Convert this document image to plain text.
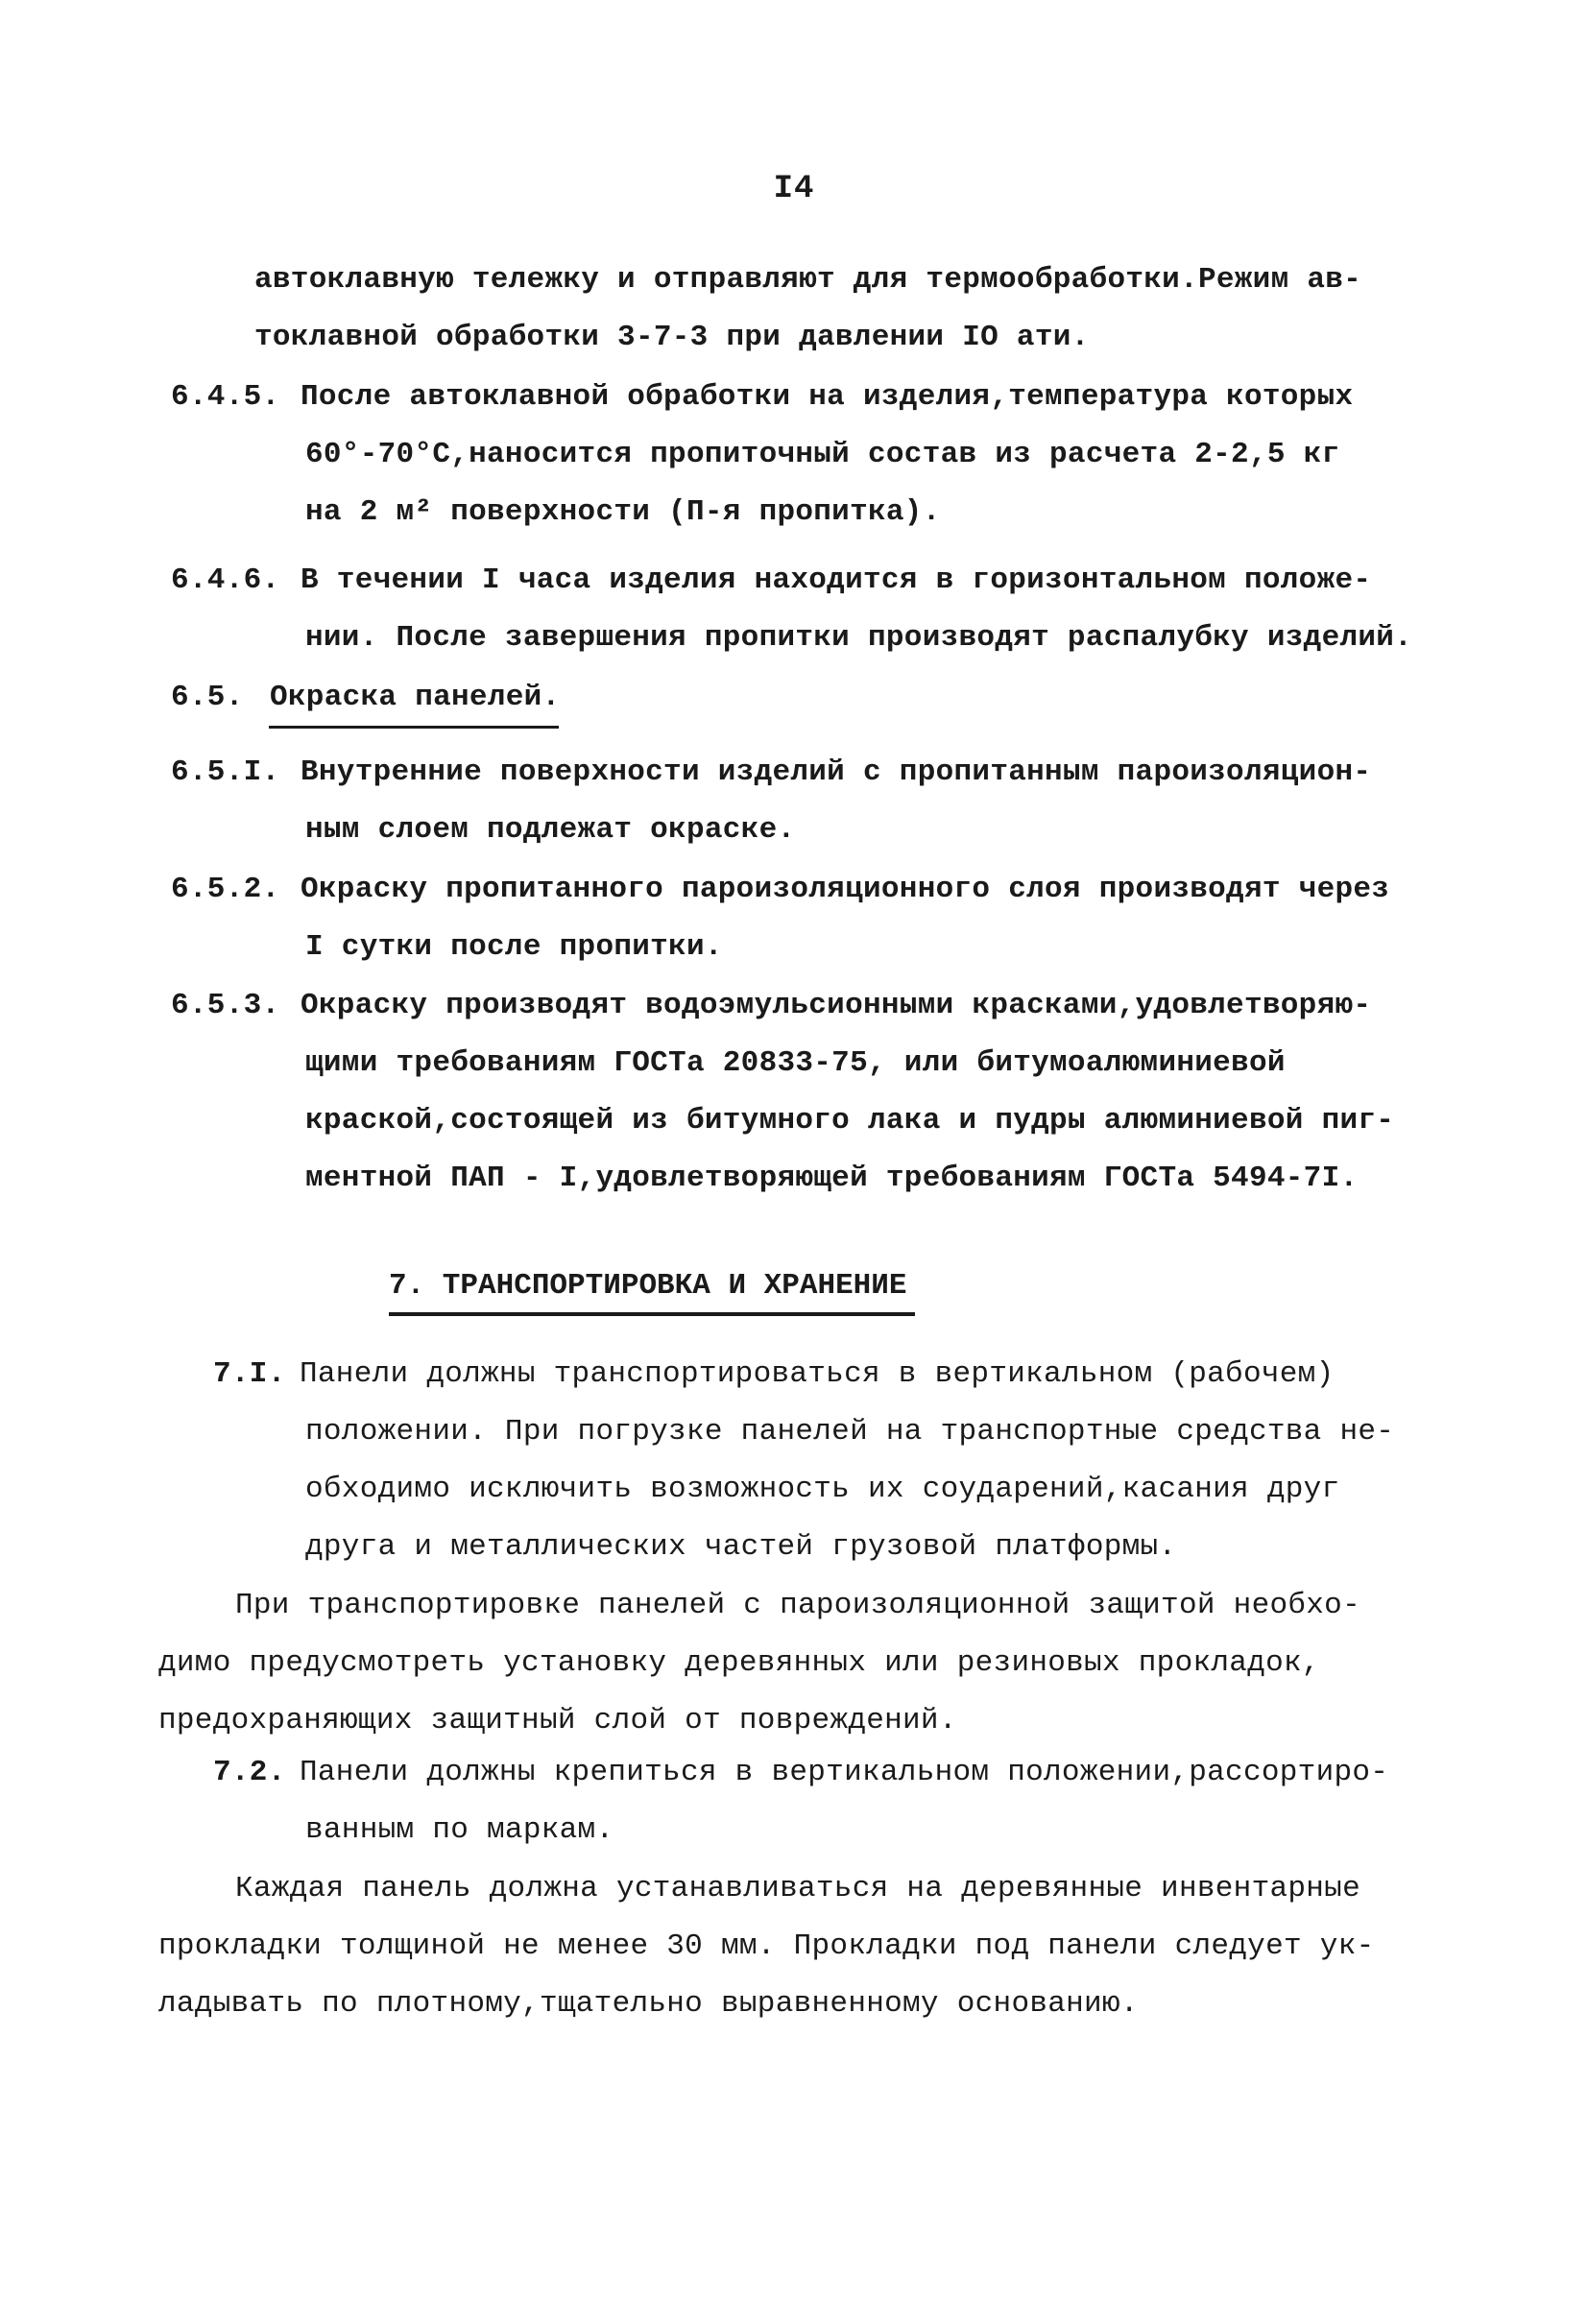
I4
автоклавную тележку и отправляют для термообработки.Режим ав-
токлавной обработки 3-7-3 при давлении IO ати.
6.4.5. После автоклавной обработки на изделия,температура которых
60°-70°С,наносится пропиточный состав из расчета 2-2,5 кг
на 2 м² поверхности (П-я пропитка).
6.4.6. В течении I часа изделия находится в горизонтальном положе-
нии. После завершения пропитки производят распалубку изделий.
6.5. Окраска панелей.
6.5.I. Внутренние поверхности изделий с пропитанным пароизоляцион-
ным слоем подлежат окраске.
6.5.2. Окраску пропитанного пароизоляционного слоя производят через
I сутки после пропитки.
6.5.3. Окраску производят водоэмульсионными красками,удовлетворяю-
щими требованиям ГОСТа 20833-75, или битумоалюминиевой
краской,состоящей из битумного лака и пудры алюминиевой пиг-
ментной ПАП - I,удовлетворяющей требованиям ГОСТа 5494-7I.
7. ТРАНСПОРТИРОВКА И ХРАНЕНИЕ
7.I. Панели должны транспортироваться в вертикальном (рабочем)
положении. При погрузке панелей на транспортные средства не-
обходимо исключить возможность их соударений,касания друг
друга и металлических частей грузовой платформы.
При транспортировке панелей с пароизоляционной защитой необхо-
димо предусмотреть установку деревянных или резиновых прокладок,
предохраняющих защитный слой от повреждений.
7.2. Панели должны крепиться в вертикальном положении,рассортиро-
ванным по маркам.
Каждая панель должна устанавливаться на деревянные инвентарные
прокладки толщиной не менее 30 мм. Прокладки под панели следует ук-
ладывать по плотному,тщательно выравненному основанию.
